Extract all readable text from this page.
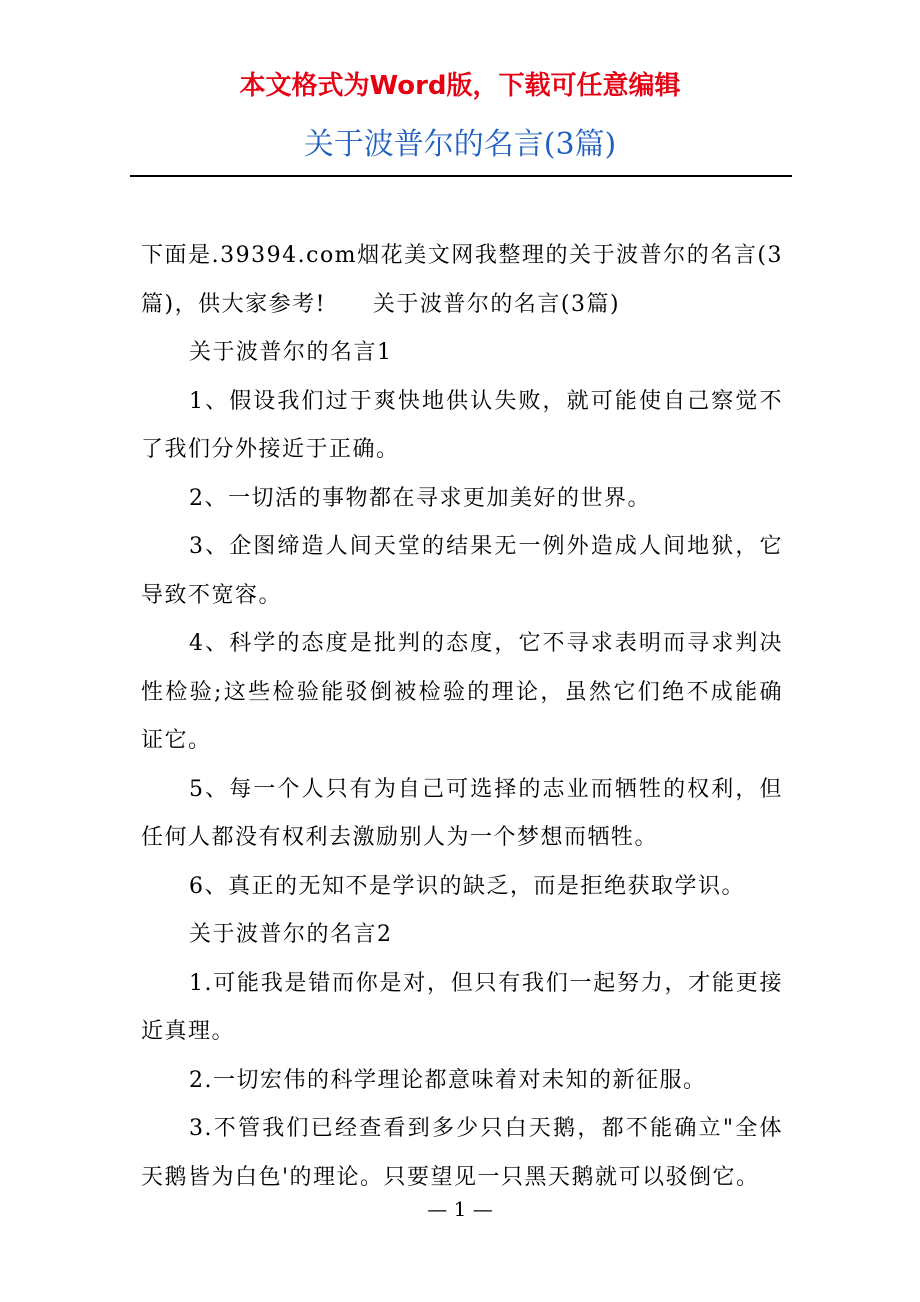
本文格式为Word版，下载可任意编辑
关于波普尔的名言(3篇)

下面是.39394.com烟花美文网我整理的关于波普尔的名言(3篇)，供大家参考!　　关于波普尔的名言(3篇)

关于波普尔的名言1

1、假设我们过于爽快地供认失败，就可能使自己察觉不了我们分外接近于正确。

2、一切活的事物都在寻求更加美好的世界。

3、企图缔造人间天堂的结果无一例外造成人间地狱，它导致不宽容。

4、科学的态度是批判的态度，它不寻求表明而寻求判决性检验;这些检验能驳倒被检验的理论，虽然它们绝不成能确证它。

5、每一个人只有为自己可选择的志业而牺牲的权利，但任何人都没有权利去激励别人为一个梦想而牺牲。

6、真正的无知不是学识的缺乏，而是拒绝获取学识。

关于波普尔的名言2

1.可能我是错而你是对，但只有我们一起努力，才能更接近真理。

2.一切宏伟的科学理论都意味着对未知的新征服。

3.不管我们已经查看到多少只白天鹅，都不能确立"全体天鹅皆为白色'的理论。只要望见一只黑天鹅就可以驳倒它。

— 1 —
